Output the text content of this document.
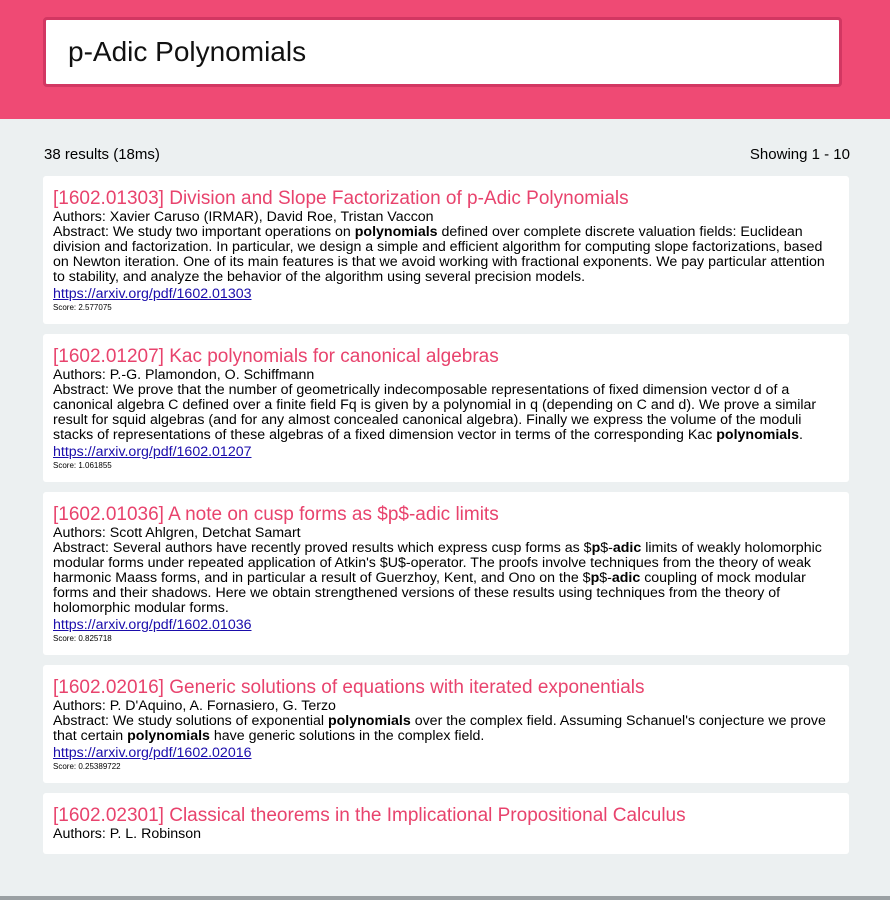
p-Adic Polynomials
38 results (18ms)	Showing 1 - 10
[1602.01303] Division and Slope Factorization of p-Adic Polynomials
Authors: Xavier Caruso (IRMAR), David Roe, Tristan Vaccon
Abstract: We study two important operations on polynomials defined over complete discrete valuation fields: Euclidean division and factorization. In particular, we design a simple and efficient algorithm for computing slope factorizations, based on Newton iteration. One of its main features is that we avoid working with fractional exponents. We pay particular attention to stability, and analyze the behavior of the algorithm using several precision models.
https://arxiv.org/pdf/1602.01303
Score: 2.577075
[1602.01207] Kac polynomials for canonical algebras
Authors: P.-G. Plamondon, O. Schiffmann
Abstract: We prove that the number of geometrically indecomposable representations of fixed dimension vector d of a canonical algebra C defined over a finite field Fq is given by a polynomial in q (depending on C and d). We prove a similar result for squid algebras (and for any almost concealed canonical algebra). Finally we express the volume of the moduli stacks of representations of these algebras of a fixed dimension vector in terms of the corresponding Kac polynomials.
https://arxiv.org/pdf/1602.01207
Score: 1.061855
[1602.01036] A note on cusp forms as $p$-adic limits
Authors: Scott Ahlgren, Detchat Samart
Abstract: Several authors have recently proved results which express cusp forms as $p$-adic limits of weakly holomorphic modular forms under repeated application of Atkin's $U$-operator. The proofs involve techniques from the theory of weak harmonic Maass forms, and in particular a result of Guerzhoy, Kent, and Ono on the $p$-adic coupling of mock modular forms and their shadows. Here we obtain strengthened versions of these results using techniques from the theory of holomorphic modular forms.
https://arxiv.org/pdf/1602.01036
Score: 0.825718
[1602.02016] Generic solutions of equations with iterated exponentials
Authors: P. D'Aquino, A. Fornasiero, G. Terzo
Abstract: We study solutions of exponential polynomials over the complex field. Assuming Schanuel's conjecture we prove that certain polynomials have generic solutions in the complex field.
https://arxiv.org/pdf/1602.02016
Score: 0.25389722
[1602.02301] Classical theorems in the Implicational Propositional Calculus
Authors: P. L. Robinson
